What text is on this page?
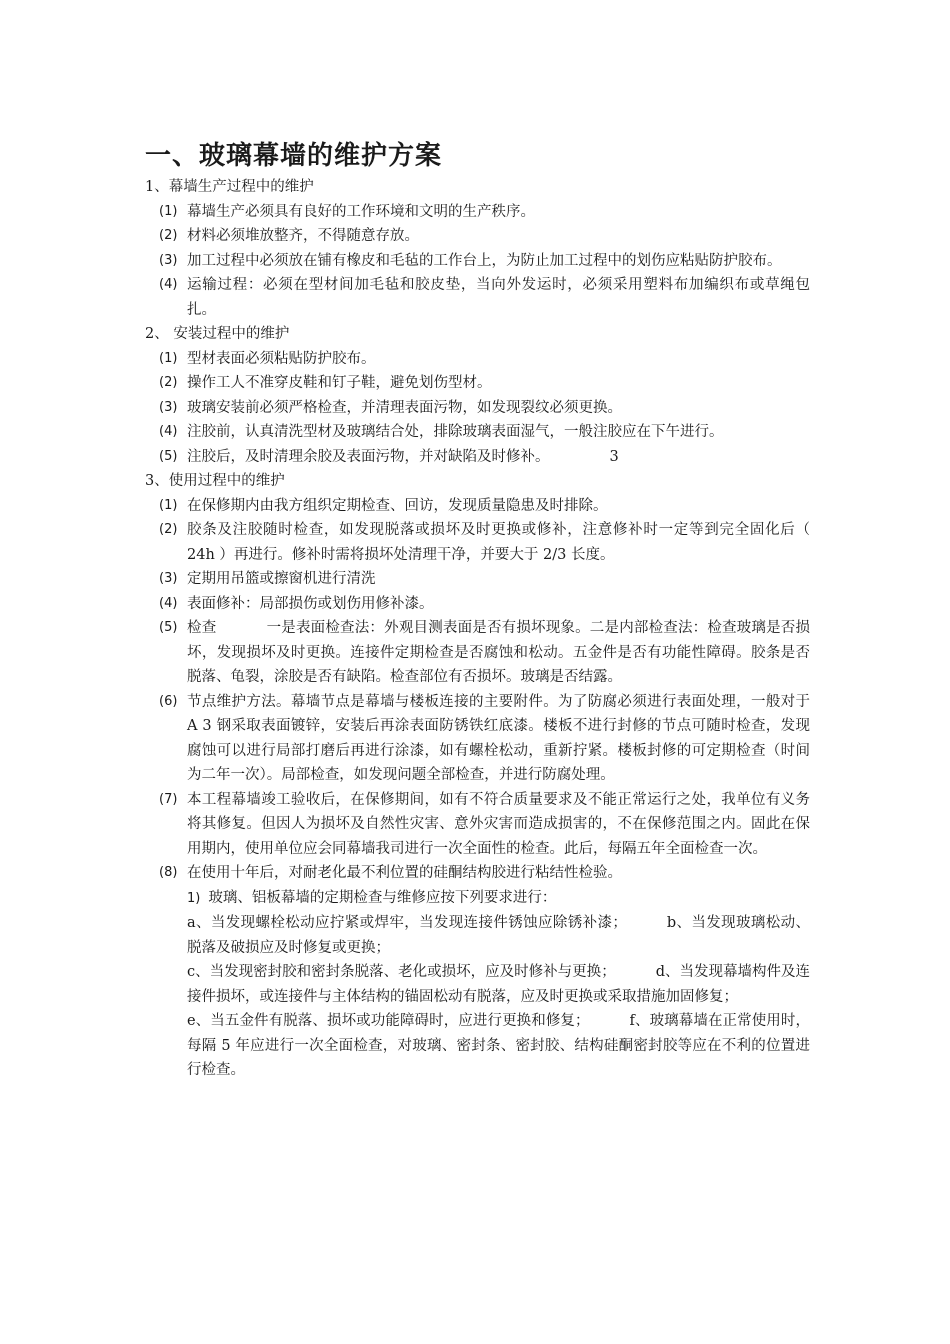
一、玻璃幕墙的维护方案

1、幕墙生产过程中的维护

(1) 幕墙生产必须具有良好的工作环境和文明的生产秩序。

(2) 材料必须堆放整齐，不得随意存放。

(3) 加工过程中必须放在铺有橡皮和毛毡的工作台上，为防止加工过程中的划伤应粘贴防护胶布。

(4) 运输过程：必须在型材间加毛毡和胶皮垫，当向外发运时，必须采用塑料布加编织布或草绳包扎。

2、 安装过程中的维护

(1) 型材表面必须粘贴防护胶布。

(2) 操作工人不准穿皮鞋和钉子鞋，避免划伤型材。

(3) 玻璃安装前必须严格检查，并清理表面污物，如发现裂纹必须更换。

(4) 注胶前，认真清洗型材及玻璃结合处，排除玻璃表面湿气，一般注胶应在下午进行。

(5) 注胶后，及时清理余胶及表面污物，并对缺陷及时修补。	3

3、使用过程中的维护

(1) 在保修期内由我方组织定期检查、回访，发现质量隐患及时排除。

(2) 胶条及注胶随时检查，如发现脱落或损坏及时更换或修补，注意修补时一定等到完全固化后（ 24h ）再进行。修补时需将损坏处清理干净，并要大于 2/3 长度。

(3) 定期用吊篮或擦窗机进行清洗

(4) 表面修补：局部损伤或划伤用修补漆。

(5) 检查	一是表面检查法：外观目测表面是否有损坏现象。二是内部检查法：检查玻璃是否损坏，发现损坏及时更换。连接件定期检查是否腐蚀和松动。五金件是否有功能性障碍。胶条是否脱落、龟裂，涂胶是否有缺陷。检查部位有否损坏。玻璃是否结露。

(6) 节点维护方法。幕墙节点是幕墙与楼板连接的主要附件。为了防腐必须进行表面处理，一般对于 A 3 钢采取表面镀锌，安装后再涂表面防锈铁红底漆。楼板不进行封修的节点可随时检查，发现腐蚀可以进行局部打磨后再进行涂漆，如有螺栓松动，重新拧紧。楼板封修的可定期检查（时间为二年一次）。局部检查，如发现问题全部检查，并进行防腐处理。

(7) 本工程幕墙竣工验收后，在保修期间，如有不符合质量要求及不能正常运行之处，我单位有义务将其修复。但因人为损坏及自然性灾害、意外灾害而造成损害的，不在保修范围之内。固此在保用期内，使用单位应会同幕墙我司进行一次全面性的检查。此后，每隔五年全面检查一次。

(8) 在使用十年后，对耐老化最不利位置的硅酮结构胶进行粘结性检验。

1) 玻璃、铝板幕墙的定期检查与维修应按下列要求进行：

a、当发现螺栓松动应拧紧或焊牢，当发现连接件锈蚀应除锈补漆；	b、当发现玻璃松动、脱落及破损应及时修复或更换；

c、当发现密封胶和密封条脱落、老化或损坏，应及时修补与更换；	d、当发现幕墙构件及连接件损坏，或连接件与主体结构的锚固松动有脱落，应及时更换或采取措施加固修复；

e、当五金件有脱落、损坏或功能障碍时，应进行更换和修复；	f、玻璃幕墙在正常使用时，每隔 5 年应进行一次全面检查，对玻璃、密封条、密封胶、结构硅酮密封胶等应在不利的位置进行检查。
